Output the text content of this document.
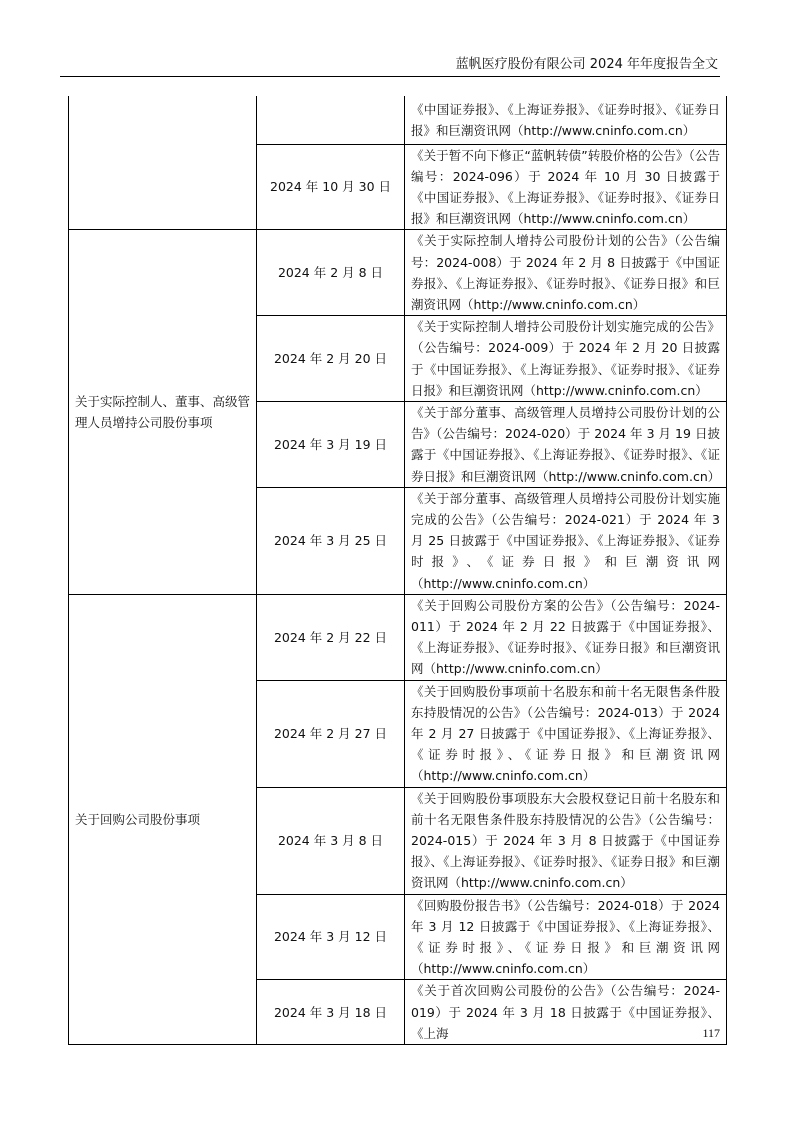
蓝帆医疗股份有限公司 2024 年年度报告全文
		《中国证券报》、《上海证券报》、《证券时报》、《证券日报》和巨潮资讯网（http://www.cninfo.com.cn）
	2024 年 10 月 30 日	《关于暂不向下修正“蓝帆转债”转股价格的公告》（公告编号：2024-096）于 2024 年 10 月 30 日披露于《中国证券报》、《上海证券报》、《证券时报》、《证券日报》和巨潮资讯网（http://www.cninfo.com.cn）
关于实际控制人、董事、高级管理人员增持公司股份事项	2024 年 2 月 8 日	《关于实际控制人增持公司股份计划的公告》（公告编号：2024-008）于 2024 年 2 月 8 日披露于《中国证券报》、《上海证券报》、《证券时报》、《证券日报》和巨潮资讯网（http://www.cninfo.com.cn）
	2024 年 2 月 20 日	《关于实际控制人增持公司股份计划实施完成的公告》（公告编号：2024-009）于 2024 年 2 月 20 日披露于《中国证券报》、《上海证券报》、《证券时报》、《证券日报》和巨潮资讯网（http://www.cninfo.com.cn）
	2024 年 3 月 19 日	《关于部分董事、高级管理人员增持公司股份计划的公告》（公告编号：2024-020）于 2024 年 3 月 19 日披露于《中国证券报》、《上海证券报》、《证券时报》、《证券日报》和巨潮资讯网（http://www.cninfo.com.cn）
	2024 年 3 月 25 日	《关于部分董事、高级管理人员增持公司股份计划实施完成的公告》（公告编号：2024-021）于 2024 年 3 月 25 日披露于《中国证券报》、《上海证券报》、《证券时报》、《证券日报》和巨潮资讯网（http://www.cninfo.com.cn）
关于回购公司股份事项	2024 年 2 月 22 日	《关于回购公司股份方案的公告》（公告编号：2024-011）于 2024 年 2 月 22 日披露于《中国证券报》、《上海证券报》、《证券时报》、《证券日报》和巨潮资讯网（http://www.cninfo.com.cn）
	2024 年 2 月 27 日	《关于回购股份事项前十名股东和前十名无限售条件股东持股情况的公告》（公告编号：2024-013）于 2024 年 2 月 27 日披露于《中国证券报》、《上海证券报》、《证券时报》、《证券日报》和巨潮资讯网（http://www.cninfo.com.cn）
	2024 年 3 月 8 日	《关于回购股份事项股东大会股权登记日前十名股东和前十名无限售条件股东持股情况的公告》（公告编号：2024-015）于 2024 年 3 月 8 日披露于《中国证券报》、《上海证券报》、《证券时报》、《证券日报》和巨潮资讯网（http://www.cninfo.com.cn）
	2024 年 3 月 12 日	《回购股份报告书》（公告编号：2024-018）于 2024 年 3 月 12 日披露于《中国证券报》、《上海证券报》、《证券时报》、《证券日报》和巨潮资讯网（http://www.cninfo.com.cn）
	2024 年 3 月 18 日	《关于首次回购公司股份的公告》（公告编号：2024-019）于 2024 年 3 月 18 日披露于《中国证券报》、《上海	117
